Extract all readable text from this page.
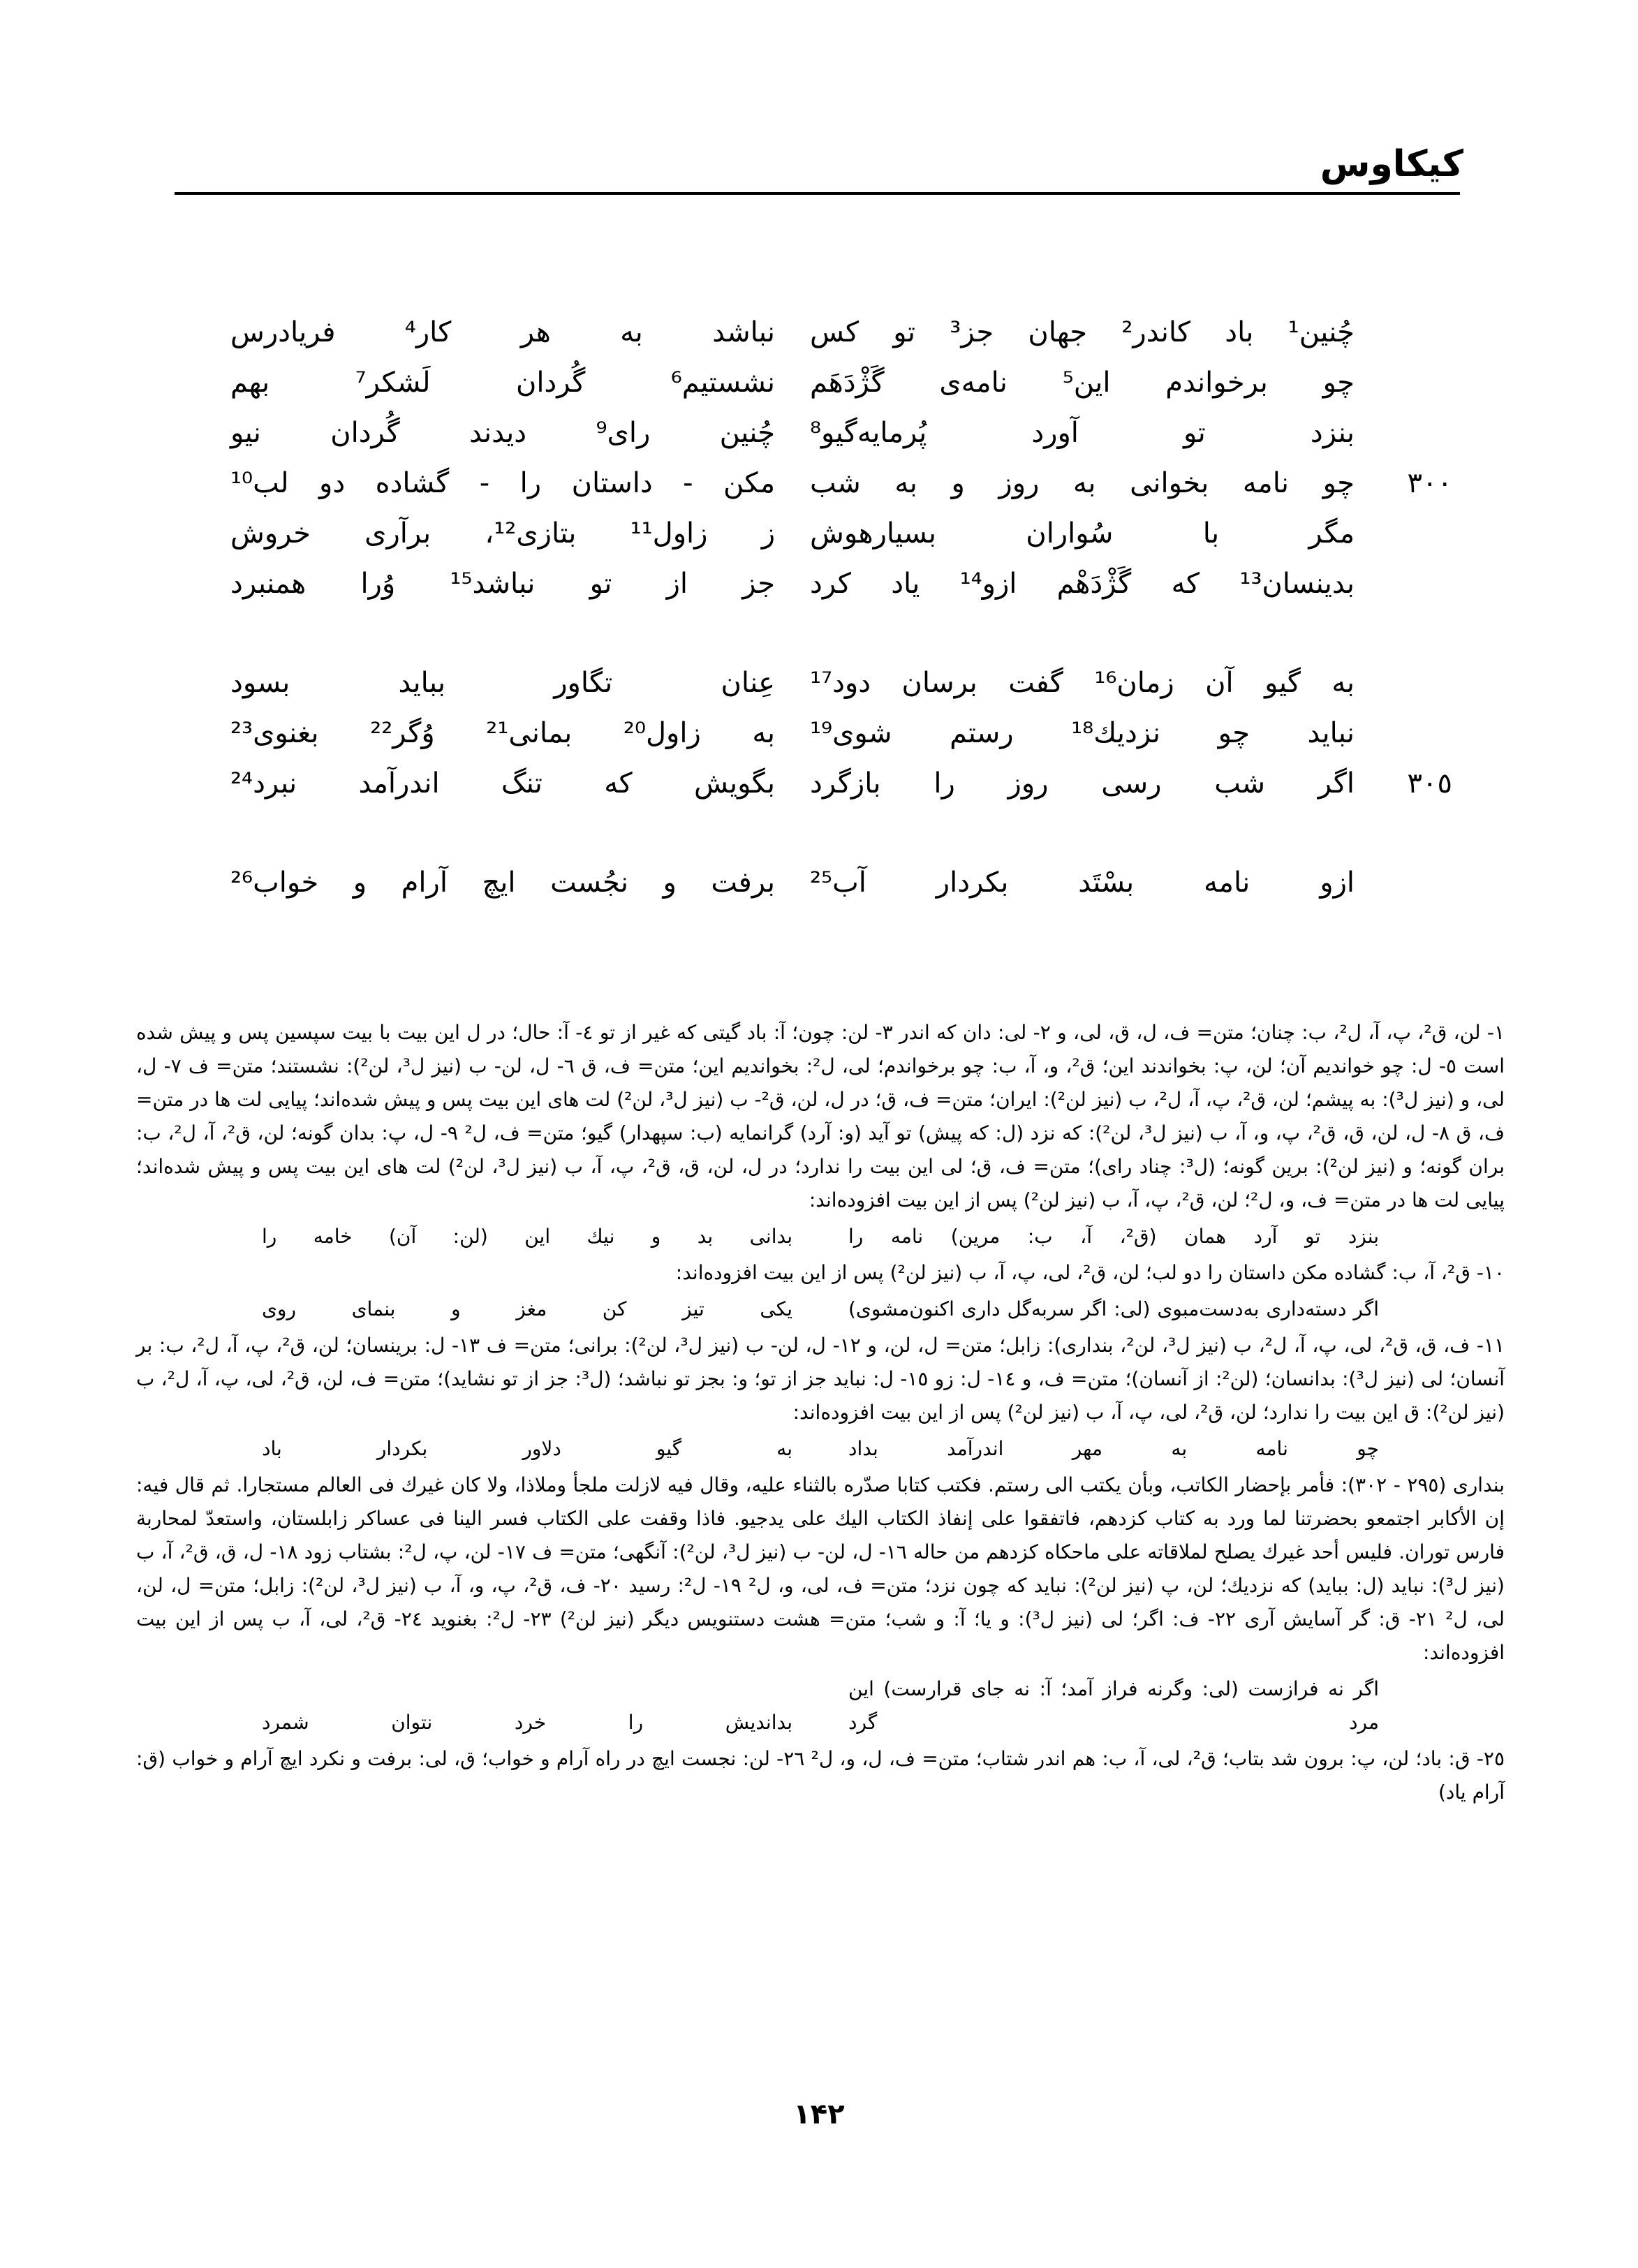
کیکاوس
چُنین¹ باد کاندر² جهان جز³ تو کس
نباشد به هر کار⁴ فریادرس
چو برخواندم این⁵ نامه‌ی گَژْدَهَم
نشستیم⁶ گُردان لَشکر⁷ بهم
بنزد تو آورد پُرمایه‌گیو⁸
چُنین رای⁹ دیدند گُردان نیو
٣٠٠
چو نامه بخوانی به روز و به شب
مکن - داستان را - گشاده دو لب¹⁰
مگر با سُواران بسیارهوش
ز زاول¹¹ بتازی¹²، برآری خروش
بدینسان¹³ که گَژْدَهْم ازو¹⁴ یاد کرد
جز از تو نباشد¹⁵ وُرا همنبرد
به گیو آن زمان¹⁶ گفت برسان دود¹⁷
عِنان تگاور بباید بسود
نباید چو نزدیك¹⁸ رستم شوی¹⁹
به زاول²⁰ بمانی²¹ وُگر²² بغنوی²³
٣٠٥
اگر شب رسی روز را بازگرد
بگویش که تنگ اندرآمد نبرد²⁴
ازو نامه بسْتَد بکردار آب²⁵
برفت و نجُست ایچ آرام و خواب²⁶

١- لن، ق²، پ، آ، ل²، ب: چنان؛ متن= ف، ل، ق، لی، و ٢- لی: دان که اندر ٣- لن: چون؛ آ: باد گیتی که غیر از تو ٤- آ: حال؛ در ل این بیت با بیت سپسین پس و پیش شده است ٥- ل: چو خواندیم آن؛ لن، پ: بخواندند این؛ ق²، و، آ، ب: چو برخواندم؛ لی، ل²: بخواندیم این؛ متن= ف، ق ٦- ل، لن- ب (نیز ل³، لن²): نشستند؛ متن= ف ٧- ل، لی، و (نیز ل³): به پیشم؛ لن، ق²، پ، آ، ل²، ب (نیز لن²): ایران؛ متن= ف، ق؛ در ل، لن، ق²- ب (نیز ل³، لن²) لت های این بیت پس و پیش شده‌اند؛ پیایی لت ها در متن= ف، ق ٨- ل، لن، ق، ق²، پ، و، آ، ب (نیز ل³، لن²): که نزد (ل: که پیش) تو آید (و: آرد) گرانمایه (ب: سپهدار) گیو؛ متن= ف، ل² ٩- ل، پ: بدان گونه؛ لن، ق²، آ، ل²، ب: بران گونه؛ و (نیز لن²): برین گونه؛ (ل³: چناد رای)؛ متن= ف، ق؛ لی این بیت را ندارد؛ در ل، لن، ق، ق²، پ، آ، ب (نیز ل³، لن²) لت های این بیت پس و پیش شده‌اند؛ پیایی لت ها در متن= ف، و، ل²؛ لن، ق²، پ، آ، ب (نیز لن²) پس از این بیت افزوده‌اند:

بنزد تو آرد همان (ق²، آ، ب: مرین) نامه رابدانی بد و نیك این (لن: آن) خامه را

١٠- ق²، آ، ب: گشاده مکن داستان را دو لب؛ لن، ق²، لی، پ، آ، ب (نیز لن²) پس از این بیت افزوده‌اند:

اگر دسته‌داری به‌دست‌مبوی (لی: اگر سربه‌گل داری اکنون‌مشوی)یکی تیز کن مغز و بنمای روی

١١- ف، ق، ق²، لی، پ، آ، ل²، ب (نیز ل³، لن²، بنداری): زابل؛ متن= ل، لن، و ١٢- ل، لن- ب (نیز ل³، لن²): برانی؛ متن= ف ١٣- ل: برینسان؛ لن، ق²، پ، آ، ل²، ب: بر آنسان؛ لی (نیز ل³): بدانسان؛ (لن²: از آنسان)؛ متن= ف، و ١٤- ل: زو ١٥- ل: نباید جز از تو؛ و: بجز تو نباشد؛ (ل³: جز از تو نشاید)؛ متن= ف، لن، ق²، لی، پ، آ، ل²، ب (نیز لن²): ق این بیت را ندارد؛ لن، ق²، لی، پ، آ، ب (نیز لن²) پس از این بیت افزوده‌اند:

چو نامه به مهر اندرآمد بدادبه گیو دلاور بکردار باد

بنداری (٢٩٥ - ٣٠٢): فأمر بإحضار الكاتب، وبأن يكتب الى رستم. فكتب كتابا صدّره بالثناء عليه، وقال فيه لازلت ملجأ وملاذا، ولا كان غيرك فى العالم مستجارا. ثم قال فيه: إن الأكابر اجتمعو بحضرتنا لما ورد به كتاب كزدهم، فاتفقوا على إنفاذ الكتاب اليك على يدجيو. فاذا وقفت على الكتاب فسر الينا فى عساكر زابلستان، واستعدّ لمحاربة فارس توران. فليس أحد غيرك يصلح لملاقاته على ماحكاه كزدهم من حاله ١٦- ل، لن- ب (نیز ل³، لن²): آنگهی؛ متن= ف ١٧- لن، پ، ل²: بشتاب زود ١٨- ل، ق، ق²، آ، ب (نیز ل³): نباید (ل: بباید) که نزدیك؛ لن، پ (نیز لن²): نباید که چون نزد؛ متن= ف، لی، و، ل² ١٩- ل²: رسید ٢٠- ف، ق²، پ، و، آ، ب (نیز ل³، لن²): زابل؛ متن= ل، لن، لی، ل² ٢١- ق: گر آسایش آری ٢٢- ف: اگر؛ لی (نیز ل³): و یا؛ آ: و شب؛ متن= هشت دستنویس دیگر (نیز لن²) ٢٣- ل²: بغنوید ٢٤- ق²، لی، آ، ب پس از این بیت افزوده‌اند:

اگر نه فرازست (لی: وگرنه فراز آمد؛ آ: نه جای قرارست) این مرد گردبداندیش را خرد نتوان شمرد

٢٥- ق: باد؛ لن، پ: برون شد بتاب؛ ق²، لی، آ، ب: هم اندر شتاب؛ متن= ف، ل، و، ل² ٢٦- لن: نجست ایچ در راه آرام و خواب؛ ق، لی: برفت و نکرد ایچ آرام و خواب (ق: آرام یاد)

١۴٢
